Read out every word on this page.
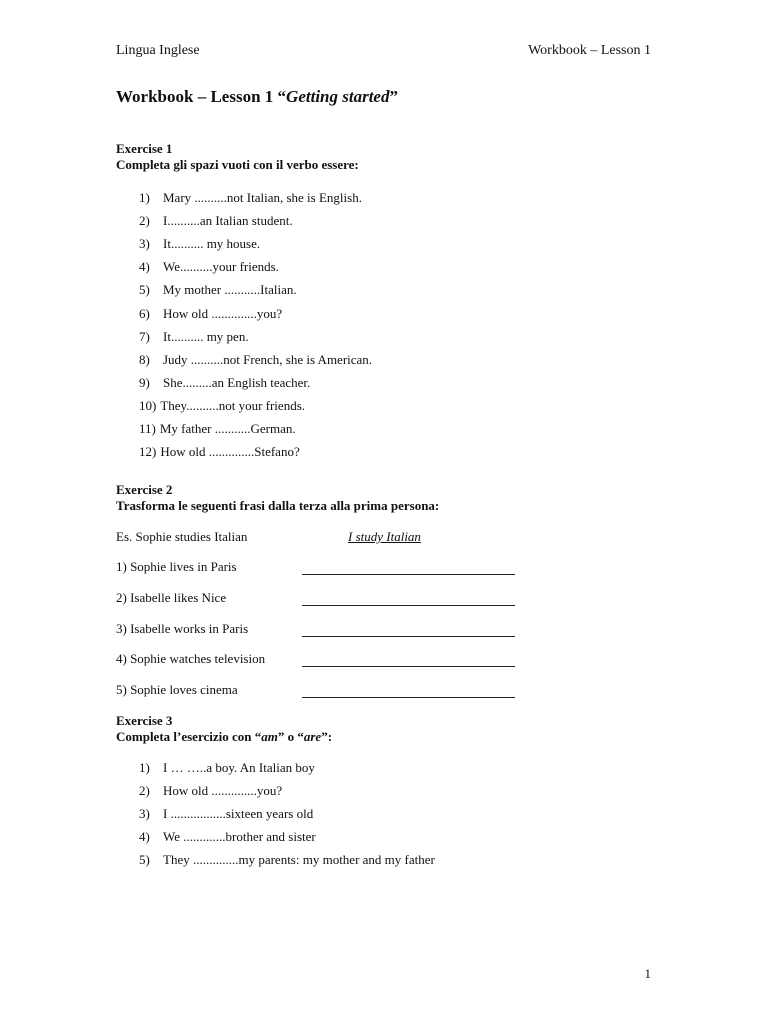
Lingua Inglese	Workbook – Lesson 1
Workbook – Lesson 1 “Getting started”
Exercise 1
Completa gli spazi vuoti con il verbo essere:
1) Mary ..........not Italian, she is English.
2) I..........an Italian student.
3) It.......... my house.
4) We..........your friends.
5) My mother ...........Italian.
6) How old ..............you?
7) It.......... my pen.
8) Judy ..........not French, she is American.
9) She.........an English teacher.
10) They..........not your friends.
11) My father ...........German.
12) How old ..............Stefano?
Exercise 2
Trasforma le seguenti frasi dalla terza alla prima persona:
Es. Sophie studies Italian	I study Italian
1) Sophie lives in Paris
2) Isabelle likes Nice
3) Isabelle works in Paris
4) Sophie watches television
5) Sophie loves cinema
Exercise 3
Completa l’esercizio con “am” o “are”:
1) I … …..a boy. An Italian boy
2) How old ..............you?
3) I .................sixteen years old
4) We .............brother and sister
5) They ..............my parents: my mother and my father
1
